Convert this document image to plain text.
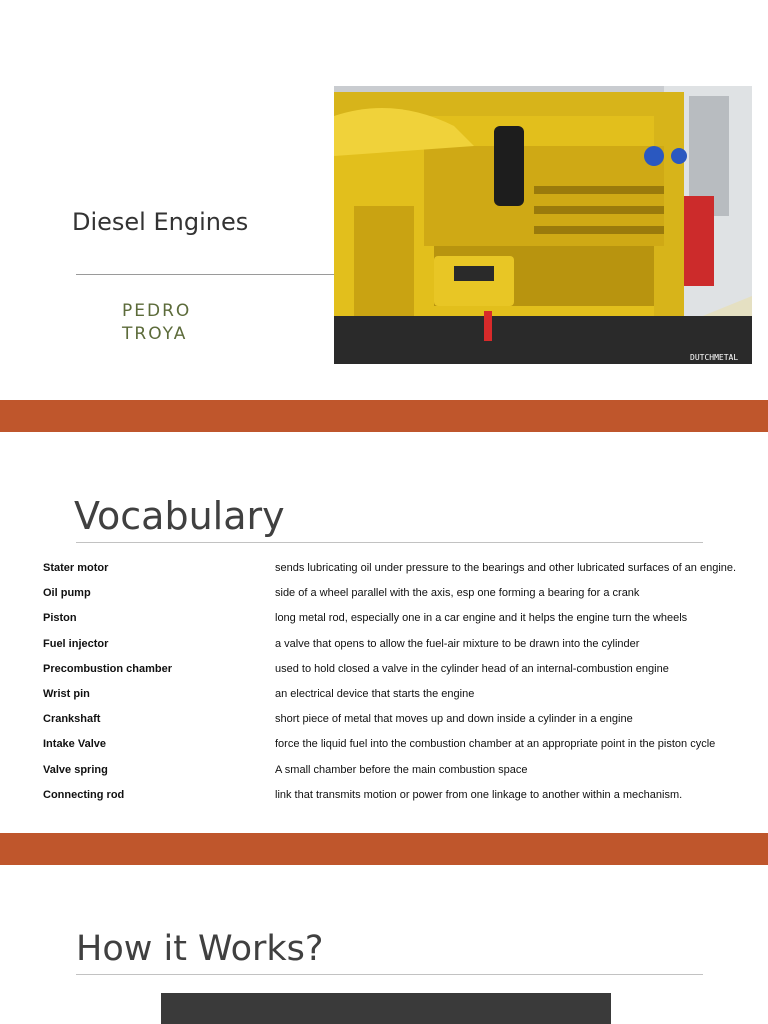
Diesel Engines
PEDRO
TROYA
DUTCHMETAL
Vocabulary
Stater motor	sends lubricating oil under pressure to the bearings and other lubricated surfaces of an engine.
Oil pump	side of a wheel parallel with the axis, esp one forming a bearing for a crank
Piston	long metal rod, especially one in a car engine and it helps the engine turn the wheels
Fuel injector	a valve that opens to allow the fuel-air mixture to be drawn into the cylinder
Precombustion chamber	used to hold closed a valve in the cylinder head of an internal-combustion engine
Wrist pin	an electrical device that starts the engine
Crankshaft	short piece of metal that moves up and down inside a cylinder in a engine
Intake Valve	force the liquid fuel into the combustion chamber at an appropriate point in the piston cycle
Valve spring	A small chamber before the main combustion space
Connecting rod	link that transmits motion or power from one linkage to another within a mechanism.
How it Works?
